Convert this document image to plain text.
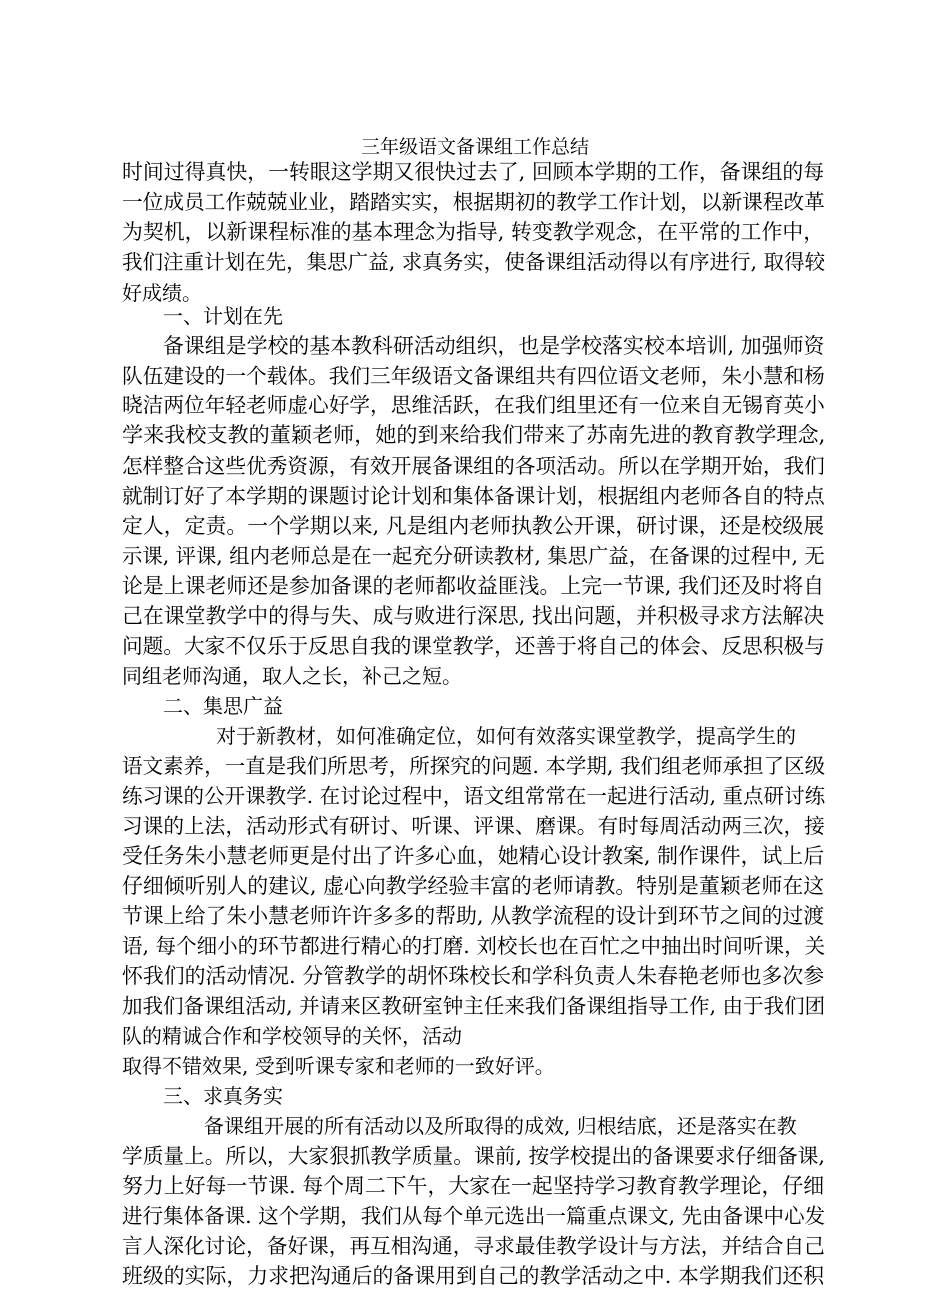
三年级语文备课组工作总结
时间过得真快，一转眼这学期又很快过去了, 回顾本学期的工作，备课组的每
一位成员工作兢兢业业，踏踏实实，根据期初的教学工作计划，以新课程改革
为契机，以新课程标准的基本理念为指导, 转变教学观念，在平常的工作中，
我们注重计划在先，集思广益, 求真务实，使备课组活动得以有序进行, 取得较
好成绩。
一、计划在先
备课组是学校的基本教科研活动组织，也是学校落实校本培训, 加强师资
队伍建设的一个载体。我们三年级语文备课组共有四位语文老师，朱小慧和杨
晓洁两位年轻老师虚心好学，思维活跃，在我们组里还有一位来自无锡育英小
学来我校支教的董颖老师，她的到来给我们带来了苏南先进的教育教学理念,
怎样整合这些优秀资源，有效开展备课组的各项活动。所以在学期开始，我们
就制订好了本学期的课题讨论计划和集体备课计划，根据组内老师各自的特点
定人，定责。一个学期以来, 凡是组内老师执教公开课，研讨课，还是校级展
示课, 评课, 组内老师总是在一起充分研读教材, 集思广益，在备课的过程中, 无
论是上课老师还是参加备课的老师都收益匪浅。上完一节课, 我们还及时将自
己在课堂教学中的得与失、成与败进行深思, 找出问题，并积极寻求方法解决
问题。大家不仅乐于反思自我的课堂教学，还善于将自己的体会、反思积极与
同组老师沟通，取人之长，补己之短。
二、集思广益
对于新教材，如何准确定位，如何有效落实课堂教学，提高学生的
语文素养，一直是我们所思考，所探究的问题. 本学期, 我们组老师承担了区级
练习课的公开课教学. 在讨论过程中，语文组常常在一起进行活动, 重点研讨练
习课的上法，活动形式有研讨、听课、评课、磨课。有时每周活动两三次，接
受任务朱小慧老师更是付出了许多心血，她精心设计教案, 制作课件，试上后
仔细倾听别人的建议, 虚心向教学经验丰富的老师请教。特别是董颖老师在这
节课上给了朱小慧老师许许多多的帮助, 从教学流程的设计到环节之间的过渡
语, 每个细小的环节都进行精心的打磨. 刘校长也在百忙之中抽出时间听课，关
怀我们的活动情况. 分管教学的胡怀珠校长和学科负责人朱春艳老师也多次参
加我们备课组活动, 并请来区教研室钟主任来我们备课组指导工作, 由于我们团
队的精诚合作和学校领导的关怀，活动
取得不错效果, 受到听课专家和老师的一致好评。
三、求真务实
备课组开展的所有活动以及所取得的成效, 归根结底，还是落实在教
学质量上。所以，大家狠抓教学质量。课前, 按学校提出的备课要求仔细备课,
努力上好每一节课. 每个周二下午，大家在一起坚持学习教育教学理论，仔细
进行集体备课. 这个学期，我们从每个单元选出一篇重点课文, 先由备课中心发
言人深化讨论，备好课，再互相沟通，寻求最佳教学设计与方法，并结合自己
班级的实际，力求把沟通后的备课用到自己的教学活动之中. 本学期我们还积
